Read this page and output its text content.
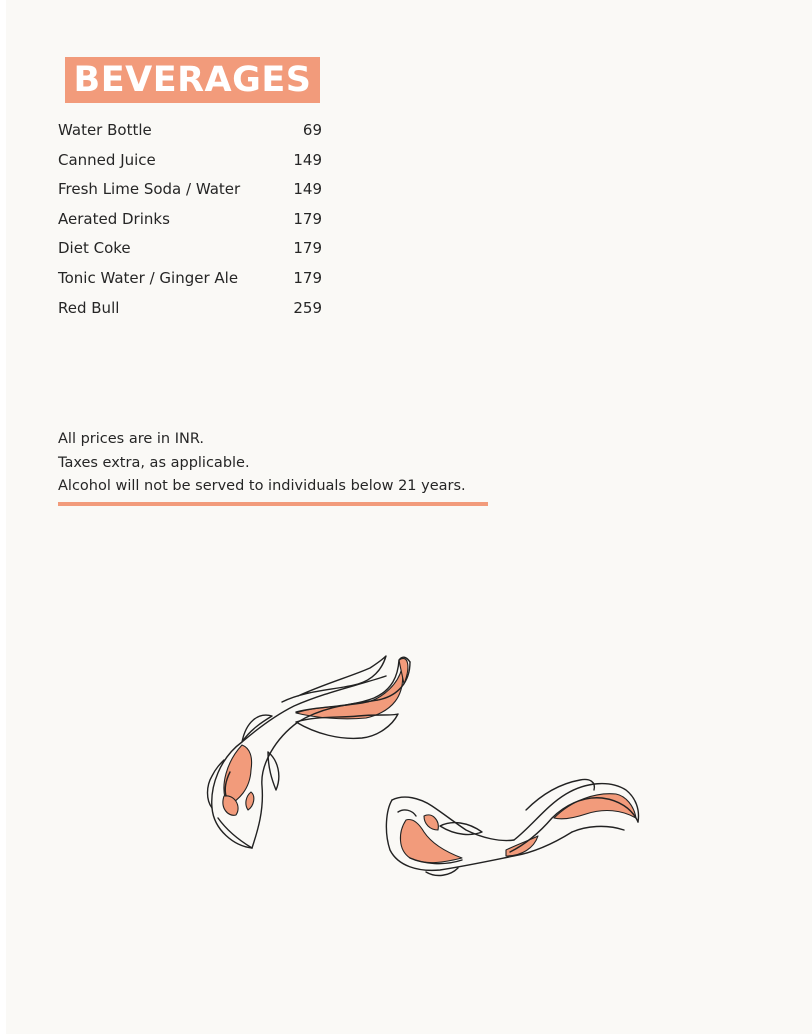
BEVERAGES
Water Bottle	69
Canned Juice	149
Fresh Lime Soda / Water	149
Aerated Drinks	179
Diet Coke	179
Tonic Water / Ginger Ale	179
Red Bull	259
All prices are in INR.
Taxes extra, as applicable.
Alcohol will not be served to individuals below 21 years.
